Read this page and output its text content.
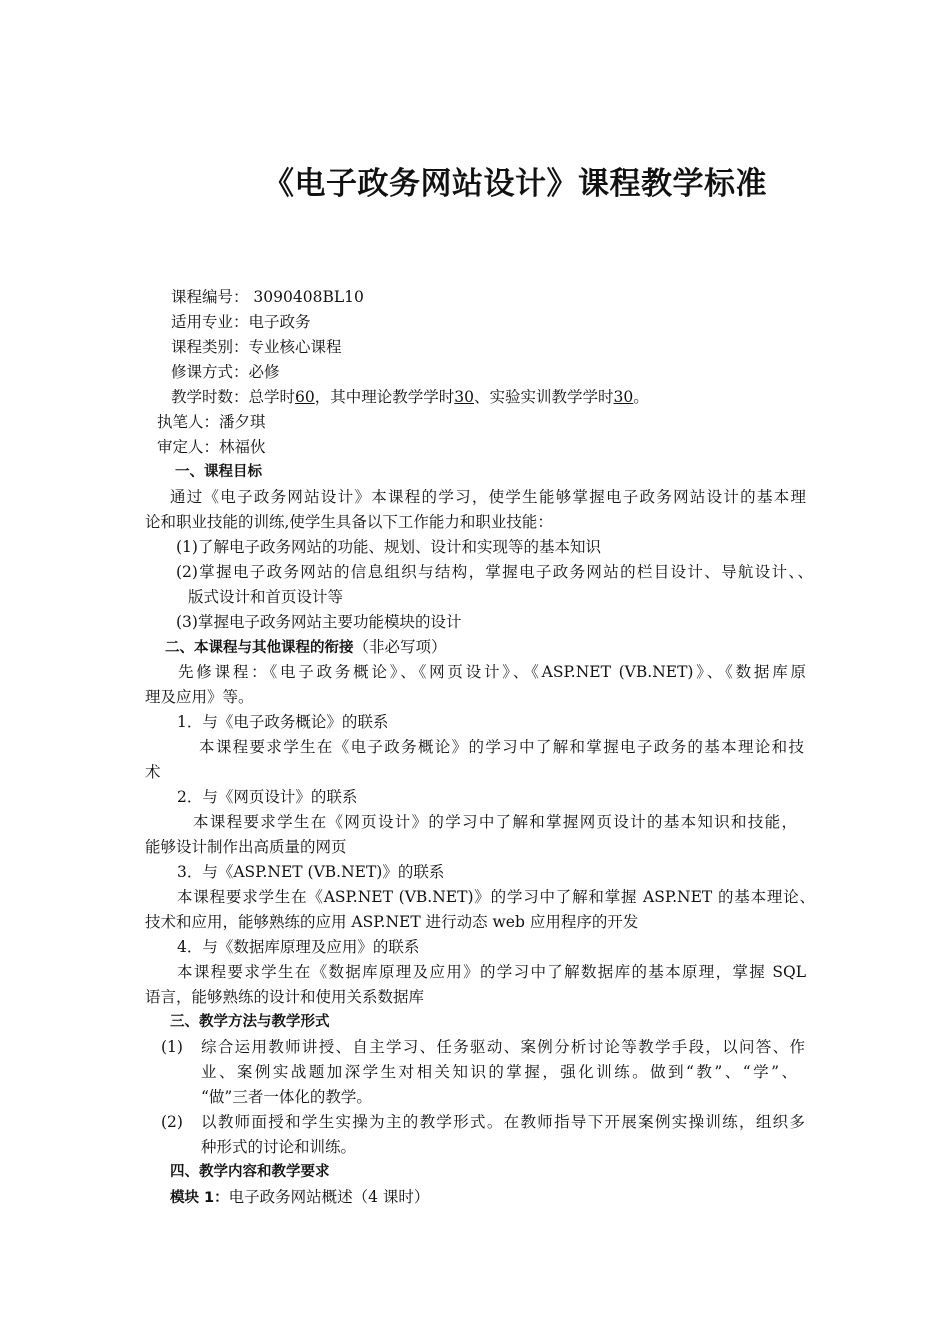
《电子政务网站设计》课程教学标准
课程编号： 3090408BL10
适用专业：电子政务
课程类别：专业核心课程
修课方式：必修
教学时数：总学时60，其中理论教学学时30、实验实训教学学时30。
执笔人：潘夕琪
审定人：林福伙
一、课程目标
通过《电子政务网站设计》本课程的学习，使学生能够掌握电子政务网站设计的基本理
论和职业技能的训练,使学生具备以下工作能力和职业技能：
(1)了解电子政务网站的功能、规划、设计和实现等的基本知识
(2)掌握电子政务网站的信息组织与结构，掌握电子政务网站的栏目设计、导航设计、、
版式设计和首页设计等
(3)掌握电子政务网站主要功能模块的设计
二、本课程与其他课程的衔接（非必写项）
先修课程：《电子政务概论》、《网页设计》、《ASP.NET (VB.NET)》、《数据库原
理及应用》等。
1．与《电子政务概论》的联系
本课程要求学生在《电子政务概论》的学习中了解和掌握电子政务的基本理论和技
术
2．与《网页设计》的联系
本课程要求学生在《网页设计》的学习中了解和掌握网页设计的基本知识和技能，
能够设计制作出高质量的网页
3．与《ASP.NET (VB.NET)》的联系
本课程要求学生在《ASP.NET (VB.NET)》的学习中了解和掌握 ASP.NET 的基本理论、
技术和应用，能够熟练的应用 ASP.NET 进行动态 web 应用程序的开发
4．与《数据库原理及应用》的联系
本课程要求学生在《数据库原理及应用》的学习中了解数据库的基本原理，掌握 SQL
语言，能够熟练的设计和使用关系数据库
三、教学方法与教学形式
(1) 综合运用教师讲授、自主学习、任务驱动、案例分析讨论等教学手段，以问答、作
业、案例实战题加深学生对相关知识的掌握，强化训练。做到“教”、“学”、
“做”三者一体化的教学。
(2) 以教师面授和学生实操为主的教学形式。在教师指导下开展案例实操训练，组织多
种形式的讨论和训练。
四、教学内容和教学要求
模块 1：电子政务网站概述（4 课时）
